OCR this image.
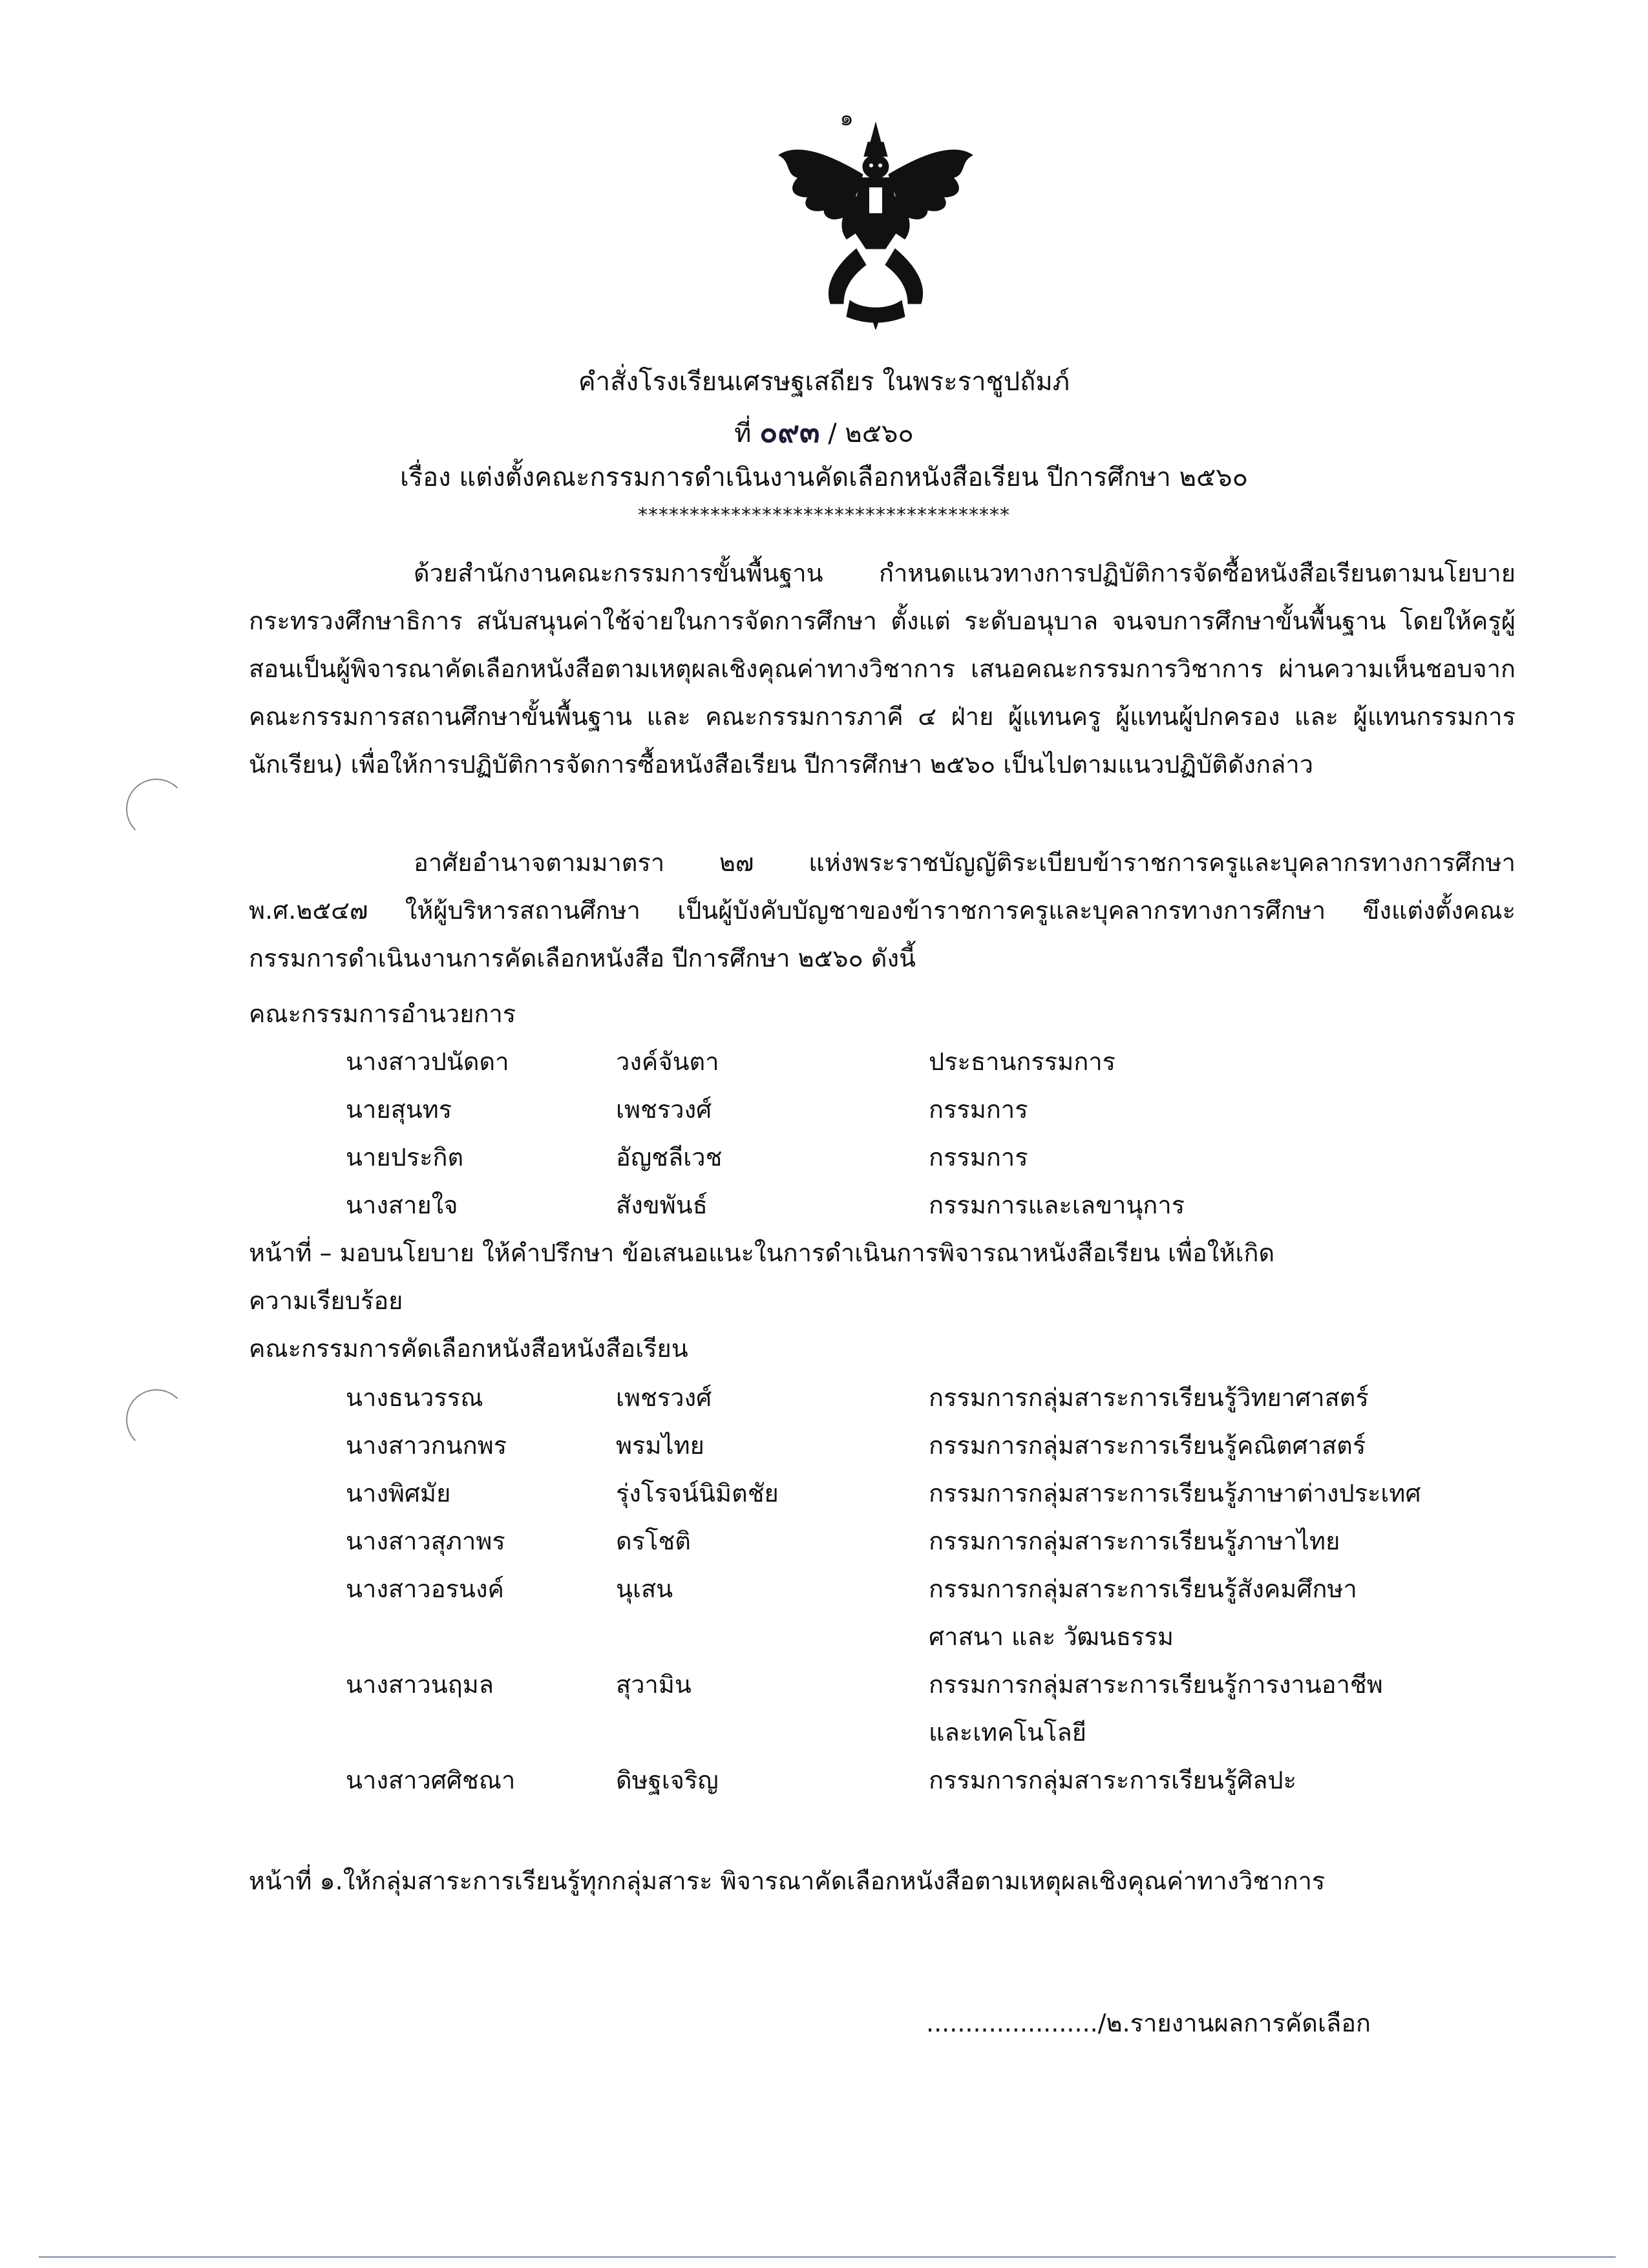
๑
คำสั่งโรงเรียนเศรษฐเสถียร ในพระราชูปถัมภ์
ที่ ๐๙๓ / ๒๕๖๐
เรื่อง แต่งตั้งคณะกรรมการดำเนินงานคัดเลือกหนังสือเรียน ปีการศึกษา ๒๕๖๐
************************************
ด้วยสำนักงานคณะกรรมการขั้นพื้นฐาน กำหนดแนวทางการปฏิบัติการจัดซื้อหนังสือเรียนตามนโยบายกระทรวงศึกษาธิการ สนับสนุนค่าใช้จ่ายในการจัดการศึกษา ตั้งแต่ ระดับอนุบาล จนจบการศึกษาขั้นพื้นฐาน โดยให้ครูผู้สอนเป็นผู้พิจารณาคัดเลือกหนังสือตามเหตุผลเชิงคุณค่าทางวิชาการ เสนอคณะกรรมการวิชาการ ผ่านความเห็นชอบจากคณะกรรมการสถานศึกษาขั้นพื้นฐาน และ คณะกรรมการภาคี ๔ ฝ่าย ผู้แทนครู ผู้แทนผู้ปกครอง และ ผู้แทนกรรมการนักเรียน) เพื่อให้การปฏิบัติการจัดการซื้อหนังสือเรียน ปีการศึกษา ๒๕๖๐ เป็นไปตามแนวปฏิบัติดังกล่าว
อาศัยอำนาจตามมาตรา ๒๗ แห่งพระราชบัญญัติระเบียบข้าราชการครูและบุคลากรทางการศึกษา พ.ศ.๒๕๔๗ ให้ผู้บริหารสถานศึกษา เป็นผู้บังคับบัญชาของข้าราชการครูและบุคลากรทางการศึกษา ขึงแต่งตั้งคณะกรรมการดำเนินงานการคัดเลือกหนังสือ ปีการศึกษา ๒๕๖๐ ดังนี้
คณะกรรมการอำนวยการ
นางสาวปนัดดา	วงค์จันตา	ประธานกรรมการ
นายสุนทร	เพชรวงศ์	กรรมการ
นายประกิต	อัญชลีเวช	กรรมการ
นางสายใจ	สังขพันธ์	กรรมการและเลขานุการ
หน้าที่ – มอบนโยบาย ให้คำปรึกษา ข้อเสนอแนะในการดำเนินการพิจารณาหนังสือเรียน เพื่อให้เกิด
ความเรียบร้อย
คณะกรรมการคัดเลือกหนังสือหนังสือเรียน
นางธนวรรณ	เพชรวงศ์	กรรมการกลุ่มสาระการเรียนรู้วิทยาศาสตร์
นางสาวกนกพร	พรมไทย	กรรมการกลุ่มสาระการเรียนรู้คณิตศาสตร์
นางพิศมัย	รุ่งโรจน์นิมิตชัย	กรรมการกลุ่มสาระการเรียนรู้ภาษาต่างประเทศ
นางสาวสุภาพร	ดรโชติ	กรรมการกลุ่มสาระการเรียนรู้ภาษาไทย
นางสาวอรนงค์	นุเสน	กรรมการกลุ่มสาระการเรียนรู้สังคมศึกษา
ศาสนา และ วัฒนธรรม
นางสาวนฤมล	สุวามิน	กรรมการกลุ่มสาระการเรียนรู้การงานอาชีพ
และเทคโนโลยี
นางสาวศศิชณา	ดิษฐเจริญ	กรรมการกลุ่มสาระการเรียนรู้ศิลปะ
หน้าที่ ๑.ให้กลุ่มสาระการเรียนรู้ทุกกลุ่มสาระ พิจารณาคัดเลือกหนังสือตามเหตุผลเชิงคุณค่าทางวิชาการ
....................../๒.รายงานผลการคัดเลือก
